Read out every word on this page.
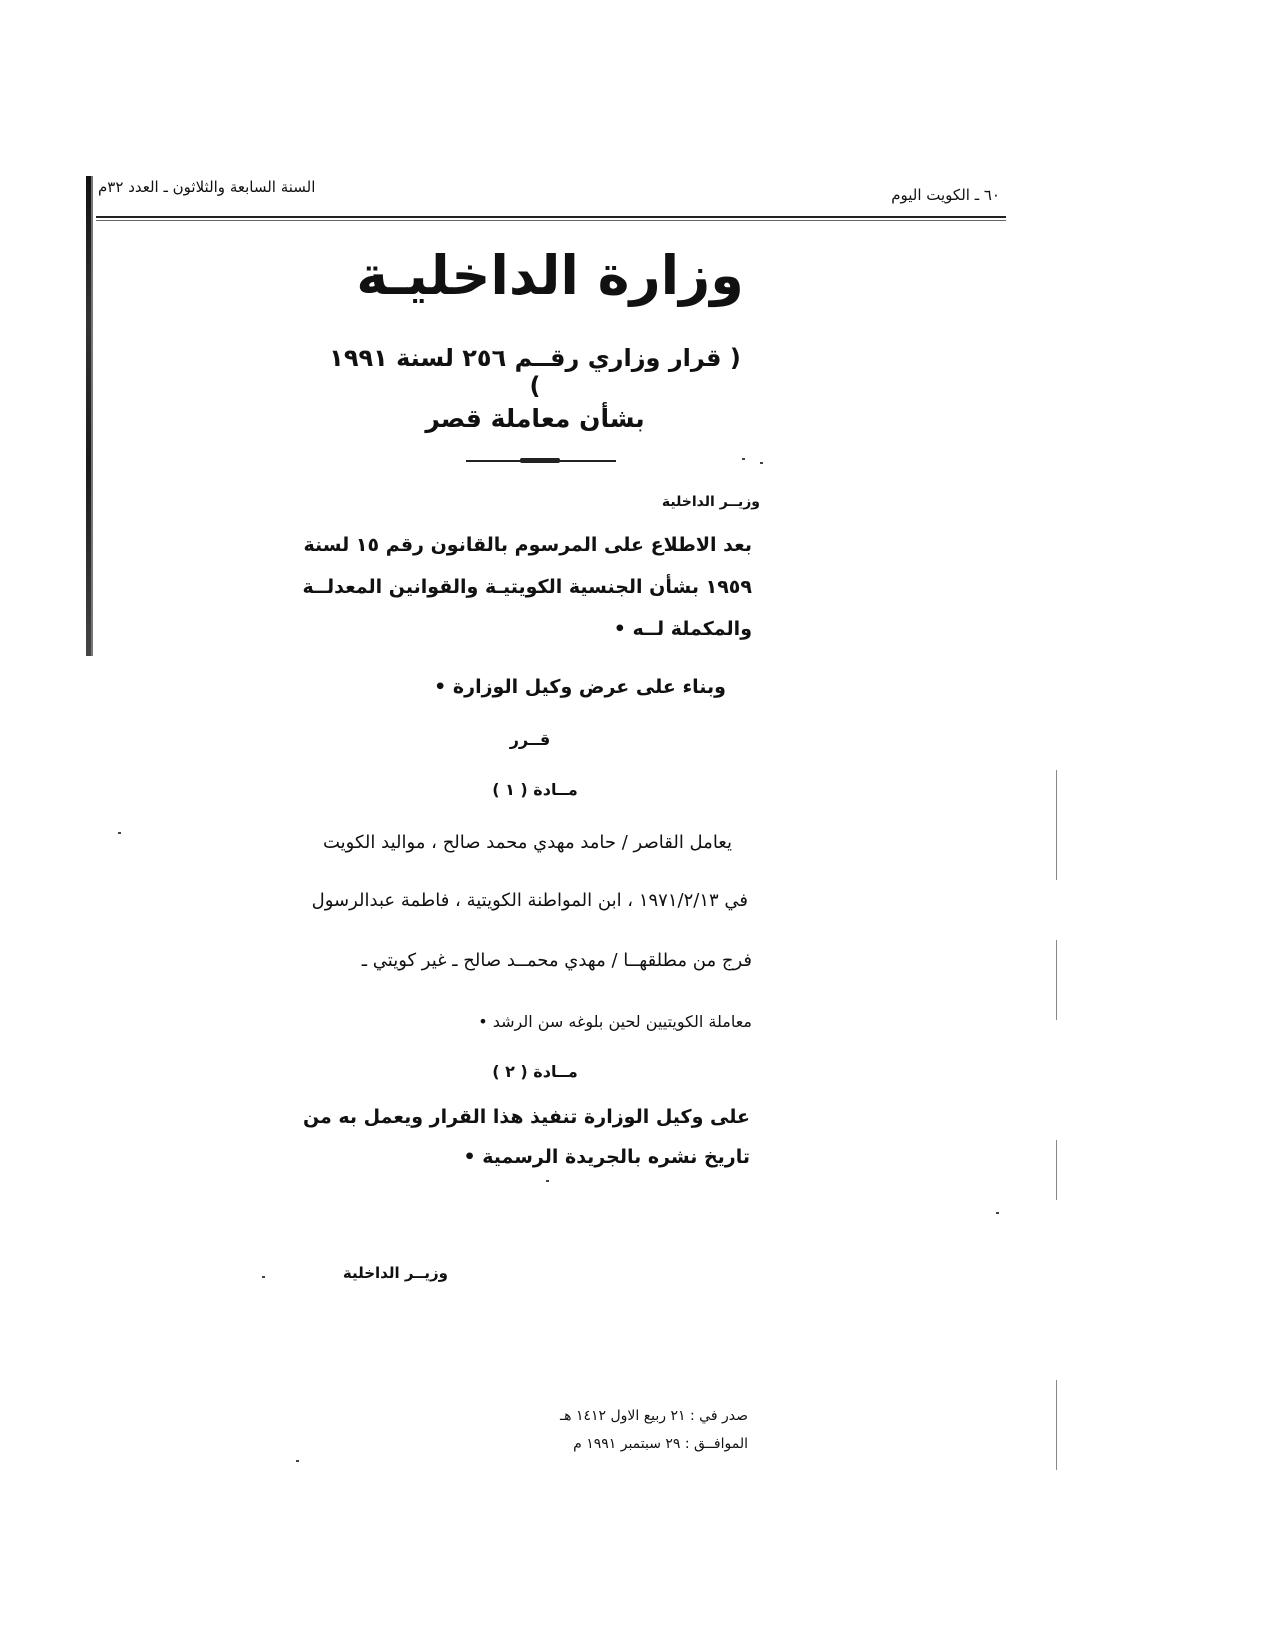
السنة السابعة والثلاثون ـ العدد ٣٢م	٦٠ ـ الكويت اليوم
وزارة الداخليـة
( قرار وزاري رقــم ٢٥٦ لسنة ١٩٩١ )
بشأن معاملة قصر
وزيــر الداخلية
بعد الاطلاع على المرسوم بالقانون رقم ١٥ لسنة
١٩٥٩ بشأن الجنسية الكويتيـة والقوانين المعدلــة
والمكملة لــه •
وبناء على عرض وكيل الوزارة •
قــرر
مــادة ( ١ )
يعامل القاصر / حامد مهدي محمد صالح ، مواليد الكويت
في ١٩٧١/٢/١٣ ، ابن المواطنة الكويتية ، فاطمة عبدالرسول
فرج من مطلقهــا / مهدي محمــد صالح ـ غير كويتي ـ
معاملة الكويتيين لحين بلوغه سن الرشد •
مــادة ( ٢ )
على وكيل الوزارة تنفيذ هذا القرار ويعمل به من
تاريخ نشره بالجريدة الرسمية •
وزيــر الداخلية
صدر في : ٢١ ربيع الاول ١٤١٢ هـ
الموافــق : ٢٩ سبتمبر ١٩٩١ م
